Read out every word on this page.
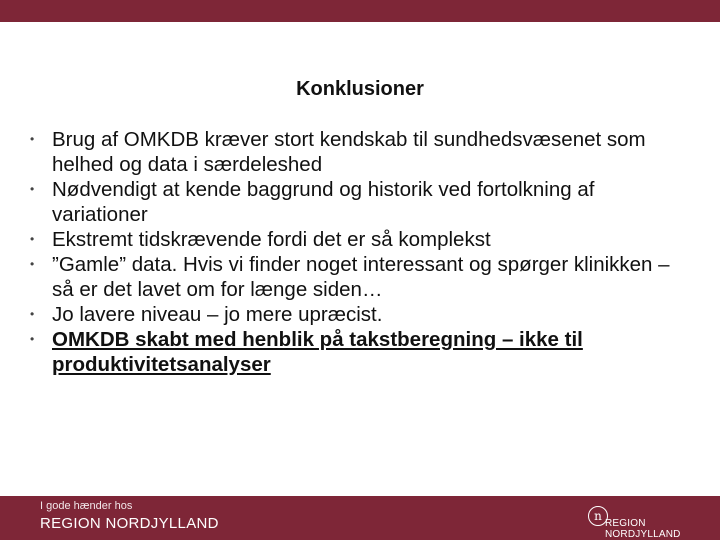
Konklusioner
• Brug af OMKDB kræver stort kendskab til sundhedsvæsenet som helhed og data i særdeleshed
• Nødvendigt at kende baggrund og historik ved fortolkning af variationer
• Ekstremt tidskrævende fordi det er så komplekst
• ”Gamle” data. Hvis vi finder noget interessant og spørger klinikken – så er det lavet om for længe siden…
• Jo lavere niveau – jo mere upræcist.
• OMKDB skabt med henblik på takstberegning – ikke til produktivitetsanalyser
I gode hænder hos
REGION NORDJYLLAND	n
REGION NORDJYLLAND
